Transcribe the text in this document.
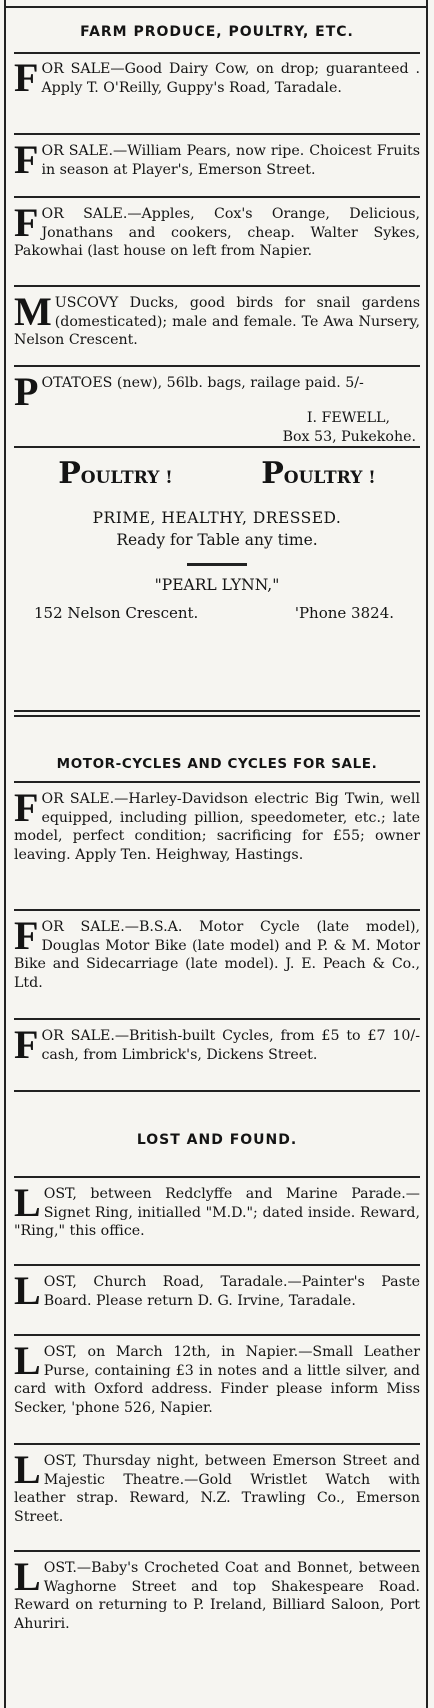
FARM PRODUCE, POULTRY, ETC.
F OR SALE—Good Dairy Cow, on drop; guaranteed . Apply T. O'Reilly, Guppy's Road, Taradale.
F OR SALE.—William Pears, now ripe. Choicest Fruits in season at Player's, Emerson Street.
F OR SALE.—Apples, Cox's Orange, Delicious, Jonathans and cookers, cheap. Walter Sykes, Pakowhai (last house on left from Napier.
M USCOVY Ducks, good birds for snail gardens (domesticated); male and female. Te Awa Nursery, Nelson Crescent.
P OTATOES (new), 56lb. bags, railage paid. 5/-
I. FEWELL,
Box 53, Pukekohe.
POULTRY !	POULTRY !
PRIME, HEALTHY, DRESSED.
Ready for Table any time.
"PEARL LYNN,"
152 Nelson Crescent.	'Phone 3824.
MOTOR-CYCLES AND CYCLES FOR SALE.
F OR SALE.—Harley-Davidson electric Big Twin, well equipped, including pillion, speedometer, etc.; late model, perfect condition; sacrificing for £55; owner leaving. Apply Ten. Heighway, Hastings.
F OR SALE.—B.S.A. Motor Cycle (late model), Douglas Motor Bike (late model) and P. & M. Motor Bike and Sidecarriage (late model). J. E. Peach & Co., Ltd.
F OR SALE.—British-built Cycles, from £5 to £7 10/- cash, from Limbrick's, Dickens Street.
LOST AND FOUND.
L OST, between Redclyffe and Marine Parade.—Signet Ring, initialled "M.D."; dated inside. Reward, "Ring," this office.
L OST, Church Road, Taradale.—Painter's Paste Board. Please return D. G. Irvine, Taradale.
L OST, on March 12th, in Napier.—Small Leather Purse, containing £3 in notes and a little silver, and card with Oxford address. Finder please inform Miss Secker, 'phone 526, Napier.
L OST, Thursday night, between Emerson Street and Majestic Theatre.—Gold Wristlet Watch with leather strap. Reward, N.Z. Trawling Co., Emerson Street.
L OST.—Baby's Crocheted Coat and Bonnet, between Waghorne Street and top Shakespeare Road. Reward on returning to P. Ireland, Billiard Saloon, Port Ahuriri.
